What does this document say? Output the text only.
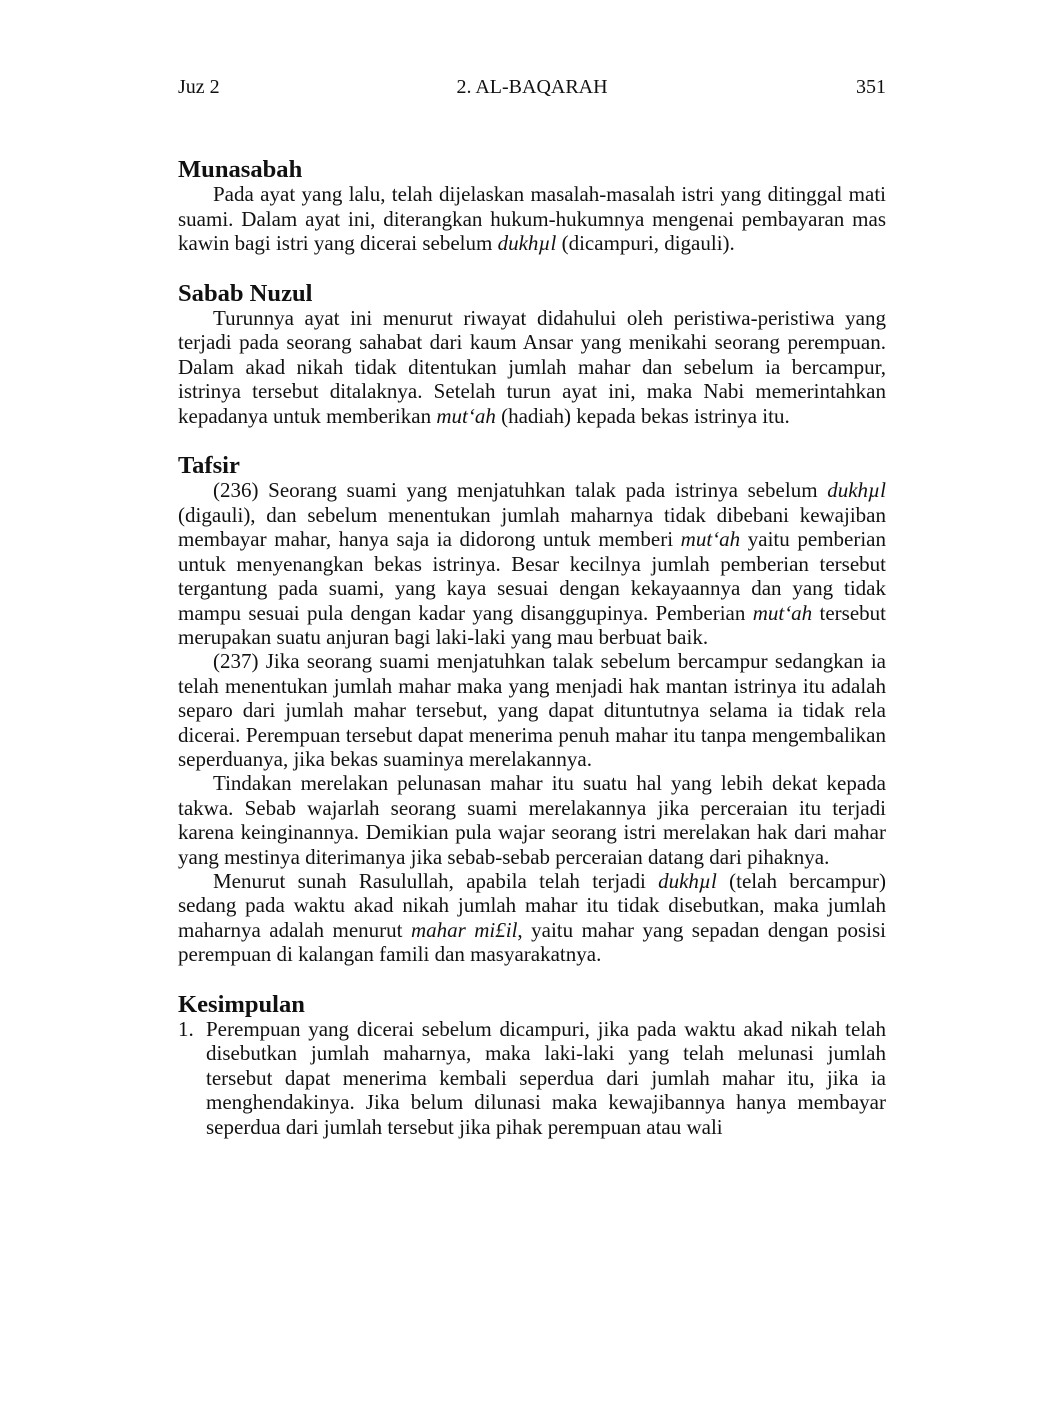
Juz 2	2. AL-BAQARAH	351
Munasabah

Pada ayat yang lalu, telah dijelaskan masalah-masalah istri yang ditinggal mati suami. Dalam ayat ini, diterangkan hukum-hukumnya mengenai pembayaran mas kawin bagi istri yang dicerai sebelum dukhµl (dicampuri, digauli).

Sabab Nuzul

Turunnya ayat ini menurut riwayat didahului oleh peristiwa-peristiwa yang terjadi pada seorang sahabat dari kaum Ansar yang menikahi seorang perempuan. Dalam akad nikah tidak ditentukan jumlah mahar dan sebelum ia bercampur, istrinya tersebut ditalaknya. Setelah turun ayat ini, maka Nabi memerintahkan kepadanya untuk memberikan mut‘ah (hadiah) kepada bekas istrinya itu.

Tafsir

(236) Seorang suami yang menjatuhkan talak pada istrinya sebelum dukhµl (digauli), dan sebelum menentukan jumlah maharnya tidak dibebani kewajiban membayar mahar, hanya saja ia didorong untuk memberi mut‘ah yaitu pemberian untuk menyenangkan bekas istrinya. Besar kecilnya jumlah pemberian tersebut tergantung pada suami, yang kaya sesuai dengan kekayaannya dan yang tidak mampu sesuai pula dengan kadar yang disanggupinya. Pemberian mut‘ah tersebut merupakan suatu anjuran bagi laki-laki yang mau berbuat baik.

(237) Jika seorang suami menjatuhkan talak sebelum bercampur sedangkan ia telah menentukan jumlah mahar maka yang menjadi hak mantan istrinya itu adalah separo dari jumlah mahar tersebut, yang dapat dituntutnya selama ia tidak rela dicerai. Perempuan tersebut dapat menerima penuh mahar itu tanpa mengembalikan seperduanya, jika bekas suaminya merelakannya.

Tindakan merelakan pelunasan mahar itu suatu hal yang lebih dekat kepada takwa. Sebab wajarlah seorang suami merelakannya jika perceraian itu terjadi karena keinginannya. Demikian pula wajar seorang istri merelakan hak dari mahar yang mestinya diterimanya jika sebab-sebab perceraian datang dari pihaknya.

Menurut sunah Rasulullah, apabila telah terjadi dukhµl (telah bercampur) sedang pada waktu akad nikah jumlah mahar itu tidak disebutkan, maka jumlah maharnya adalah menurut mahar mi£il, yaitu mahar yang sepadan dengan posisi perempuan di kalangan famili dan masyarakatnya.

Kesimpulan
1. Perempuan yang dicerai sebelum dicampuri, jika pada waktu akad nikah telah disebutkan jumlah maharnya, maka laki-laki yang telah melunasi jumlah tersebut dapat menerima kembali seperdua dari jumlah mahar itu, jika ia menghendakinya. Jika belum dilunasi maka kewajibannya hanya membayar seperdua dari jumlah tersebut jika pihak perempuan atau wali
